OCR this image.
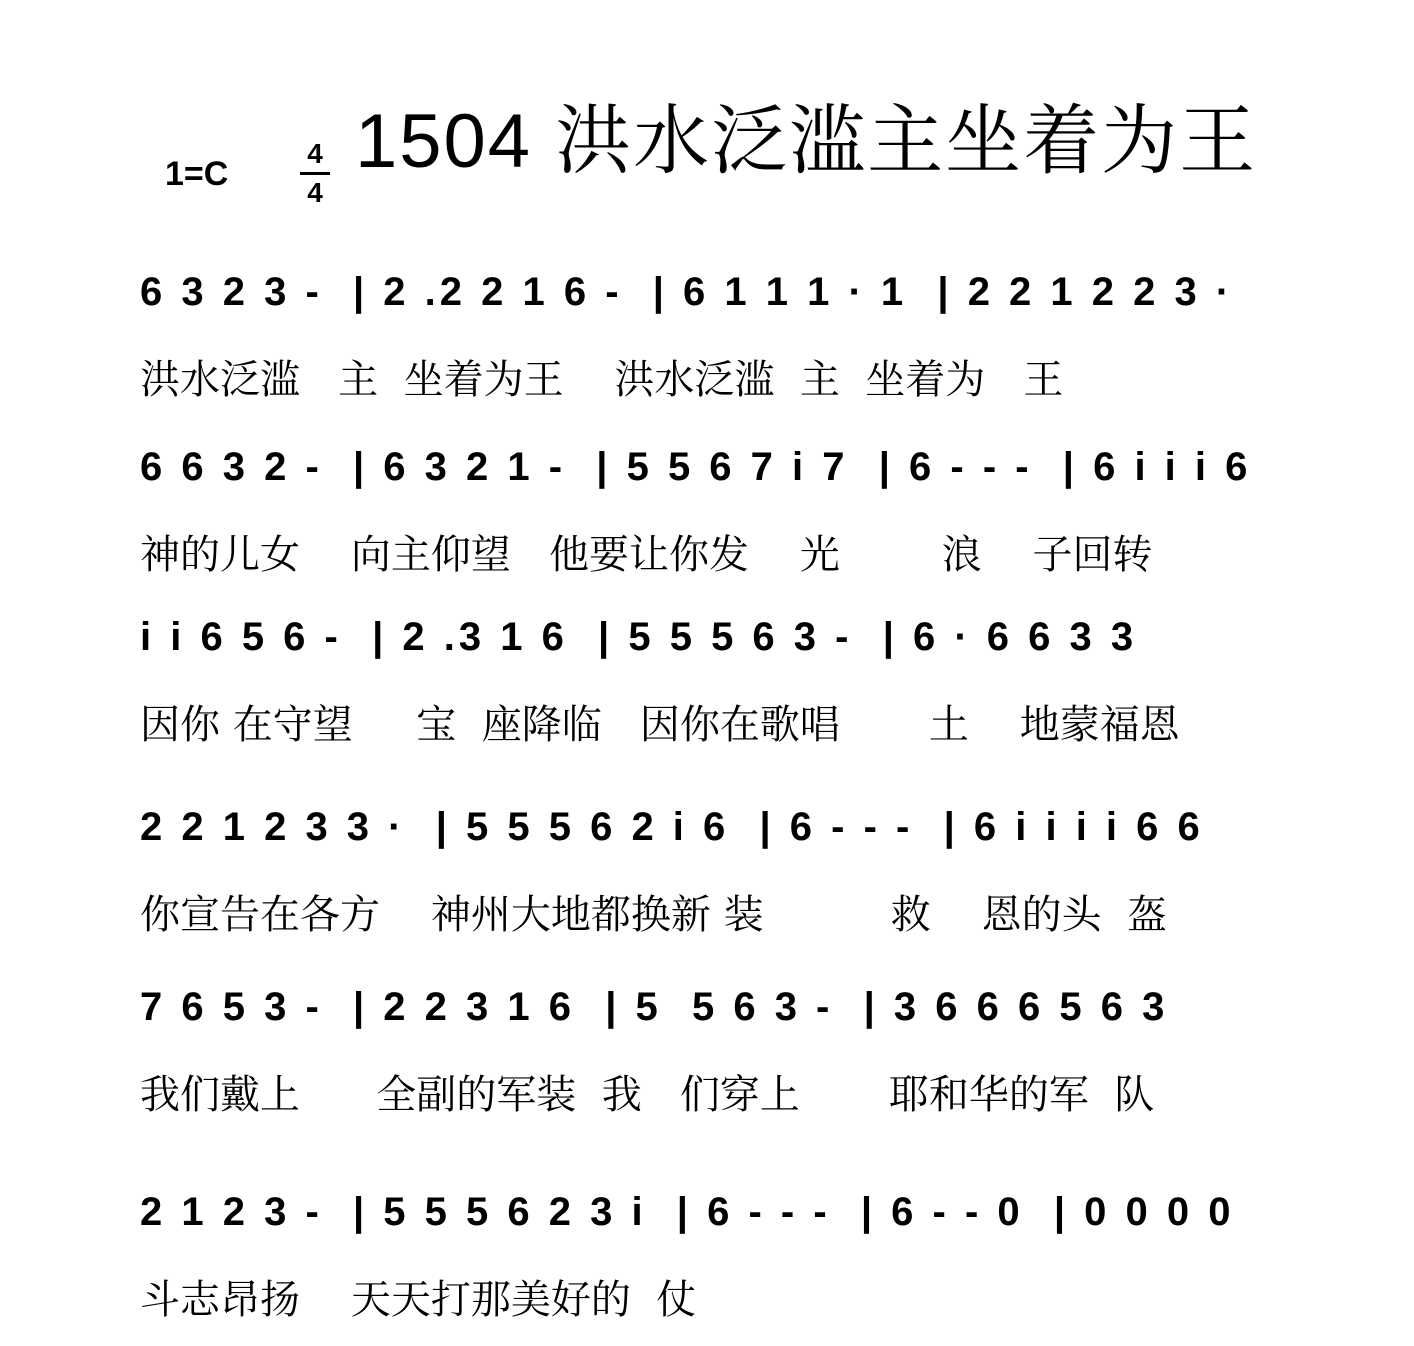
1504 洪水泛滥主坐着为王
1=C
4
4
6 3 2 3 -  | 2 .2 2 1 6 -  | 6 1 1 1 · 1  | 2 2 1 2 2 3 ·
洪水泛滥   主  坐着为王    洪水泛滥  主  坐着为   王
6 6 3 2 -  | 6 3 2 1 -  | 5 5 6 7 i 7  | 6 - - -  | 6 i i i 6
神的儿女    向主仰望   他要让你发    光        浪    子回转
i i 6 5 6 -  | 2 .3 1 6  | 5 5 5 6 3 -  | 6 · 6 6 3 3
因你 在守望     宝  座降临   因你在歌唱       土    地蒙福恩
2 2 1 2 3 3 ·  | 5 5 5 6 2 i 6  | 6 - - -  | 6 i i i i 6 6
你宣告在各方    神州大地都换新 装          救    恩的头  盔
7 6 5 3 -  | 2 2 3 1 6  | 5  5 6 3 -  | 3 6 6 6 5 6 3
我们戴上      全副的军装  我   们穿上       耶和华的军  队
2 1 2 3 -  | 5 5 5 6 2 3 i  | 6 - - -  | 6 - - 0  | 0 0 0 0
斗志昂扬    天天打那美好的  仗
